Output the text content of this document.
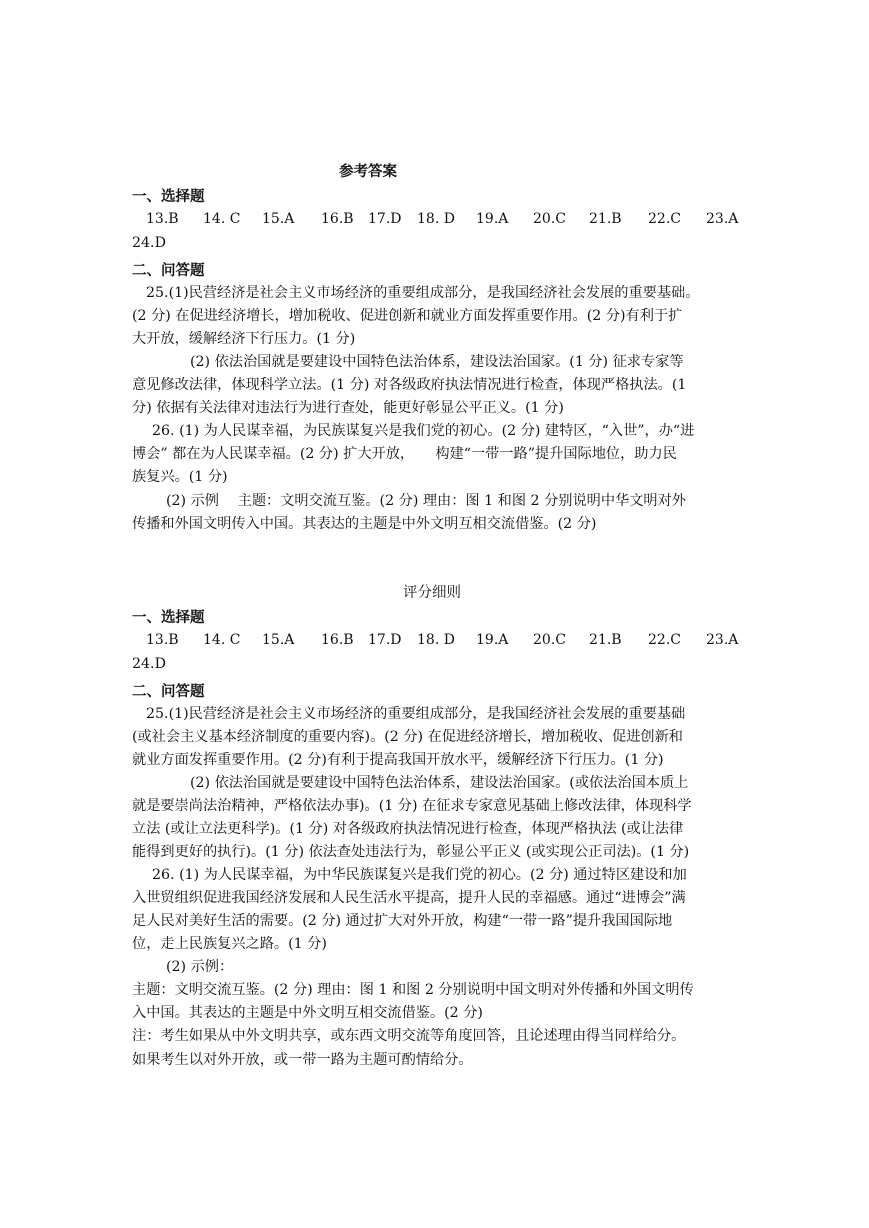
参考答案
一、选择题
13.B 14. C 15.A 16.B 17.D 18. D 19.A 20.C 21.B 22.C 23.A
24.D
二、问答题
25.(1)民营经济是社会主义市场经济的重要组成部分，是我国经济社会发展的重要基础。
(2 分) 在促进经济增长，增加税收、促进创新和就业方面发挥重要作用。(2 分)有利于扩
大开放，缓解经济下行压力。(1 分)
(2) 依法治国就是要建设中国特色法治体系，建设法治国家。(1 分) 征求专家等
意见修改法律，体现科学立法。(1 分) 对各级政府执法情况进行检查，体现严格执法。(1
分) 依据有关法律对违法行为进行查处，能更好彰显公平正义。(1 分)
26. (1) 为人民谋幸福，为民族谋复兴是我们党的初心。(2 分) 建特区，“入世”，办“进
博会” 都在为人民谋幸福。(2 分) 扩大开放，　　构建“一带一路”提升国际地位，助力民
族复兴。(1 分)
(2) 示例　 主题：文明交流互鉴。(2 分) 理由：图 1 和图 2 分别说明中华文明对外
传播和外国文明传入中国。其表达的主题是中外文明互相交流借鉴。(2 分)
评分细则
一、选择题
13.B 14. C 15.A 16.B 17.D 18. D 19.A 20.C 21.B 22.C 23.A
24.D
二、问答题
25.(1)民营经济是社会主义市场经济的重要组成部分，是我国经济社会发展的重要基础
(或社会主义基本经济制度的重要内容)。(2 分) 在促进经济增长，增加税收、促进创新和
就业方面发挥重要作用。(2 分)有利于提高我国开放水平，缓解经济下行压力。(1 分)
(2) 依法治国就是要建设中国特色法治体系，建设法治国家。(或依法治国本质上
就是要崇尚法治精神，严格依法办事)。(1 分) 在征求专家意见基础上修改法律，体现科学
立法 (或让立法更科学)。(1 分) 对各级政府执法情况进行检查，体现严格执法 (或让法律
能得到更好的执行)。(1 分) 依法查处违法行为，彰显公平正义 (或实现公正司法)。(1 分)
26. (1) 为人民谋幸福，为中华民族谋复兴是我们党的初心。(2 分) 通过特区建设和加
入世贸组织促进我国经济发展和人民生活水平提高，提升人民的幸福感。通过“进博会”满
足人民对美好生活的需要。(2 分) 通过扩大对外开放，构建“一带一路”提升我国国际地
位，走上民族复兴之路。(1 分)
(2) 示例：
主题：文明交流互鉴。(2 分) 理由：图 1 和图 2 分别说明中国文明对外传播和外国文明传
入中国。其表达的主题是中外文明互相交流借鉴。(2 分)
注：考生如果从中外文明共享，或东西文明交流等角度回答，且论述理由得当同样给分。
如果考生以对外开放，或一带一路为主题可酌情给分。
